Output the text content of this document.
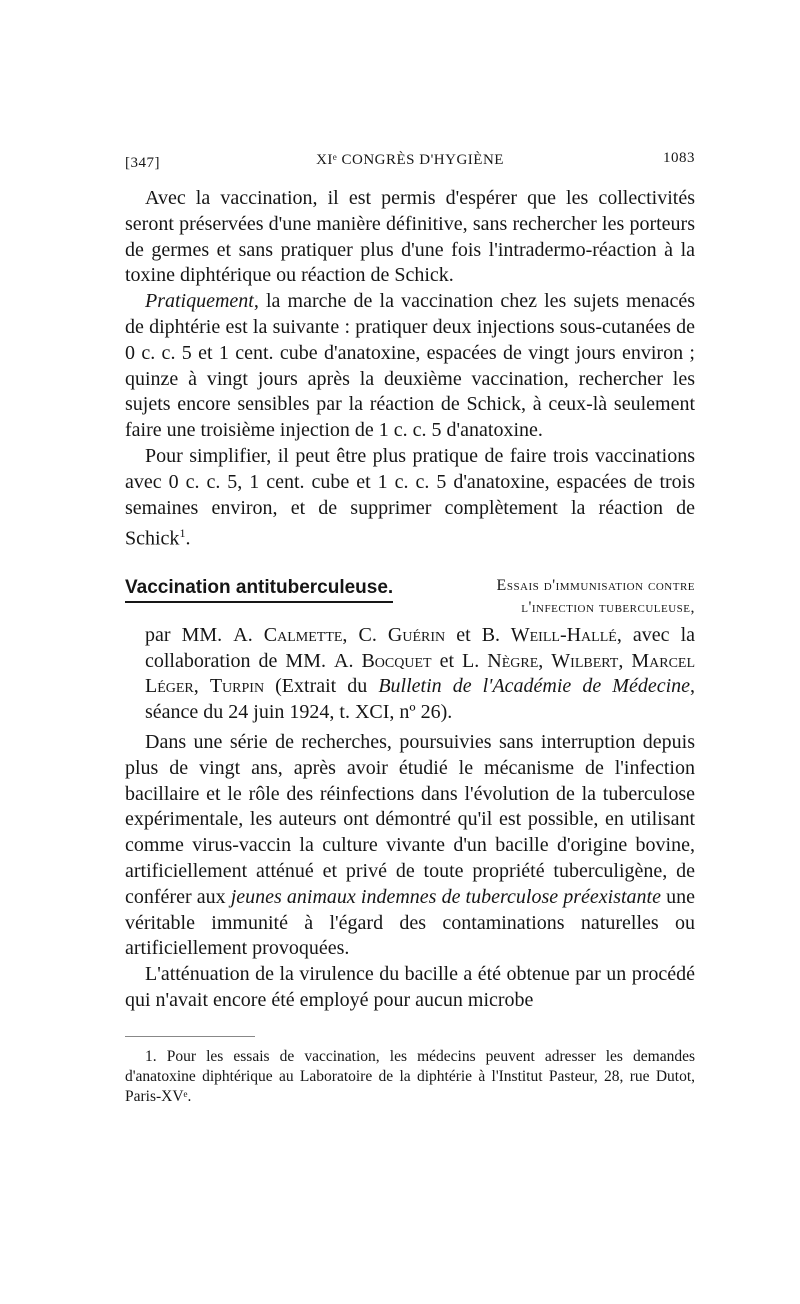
[347]	XIᵉ CONGRÈS D'HYGIÈNE	1083

Avec la vaccination, il est permis d'espérer que les collectivités seront préservées d'une manière définitive, sans rechercher les porteurs de germes et sans pratiquer plus d'une fois l'intradermo-réaction à la toxine diphtérique ou réaction de Schick.

Pratiquement, la marche de la vaccination chez les sujets menacés de diphtérie est la suivante : pratiquer deux injections sous-cutanées de 0 c. c. 5 et 1 cent. cube d'anatoxine, espacées de vingt jours environ ; quinze à vingt jours après la deuxième vaccination, rechercher les sujets encore sensibles par la réaction de Schick, à ceux-là seulement faire une troisième injection de 1 c. c. 5 d'anatoxine.

Pour simplifier, il peut être plus pratique de faire trois vaccinations avec 0 c. c. 5, 1 cent. cube et 1 c. c. 5 d'anatoxine, espacées de trois semaines environ, et de supprimer complètement la réaction de Schick$^1$.

Vaccination antituberculeuse.	Essais d'immunisation contre
l'infection tuberculeuse,
par MM. A. Calmette, C. Guérin et B. Weill-Hallé, avec la collaboration de MM. A. Bocquet et L. Nègre, Wilbert, Marcel Léger, Turpin (Extrait du Bulletin de l'Académie de Médecine, séance du 24 juin 1924, t. XCI, nº 26).

Dans une série de recherches, poursuivies sans interruption depuis plus de vingt ans, après avoir étudié le mécanisme de l'infection bacillaire et le rôle des réinfections dans l'évolution de la tuberculose expérimentale, les auteurs ont démontré qu'il est possible, en utilisant comme virus-vaccin la culture vivante d'un bacille d'origine bovine, artificiellement atténué et privé de toute propriété tuberculigène, de conférer aux jeunes animaux indemnes de tuberculose préexistante une véritable immunité à l'égard des contaminations naturelles ou artificiellement provoquées.

L'atténuation de la virulence du bacille a été obtenue par un procédé qui n'avait encore été employé pour aucun microbe

1. Pour les essais de vaccination, les médecins peuvent adresser les demandes d'anatoxine diphtérique au Laboratoire de la diphtérie à l'Institut Pasteur, 28, rue Dutot, Paris-XVᵉ.
